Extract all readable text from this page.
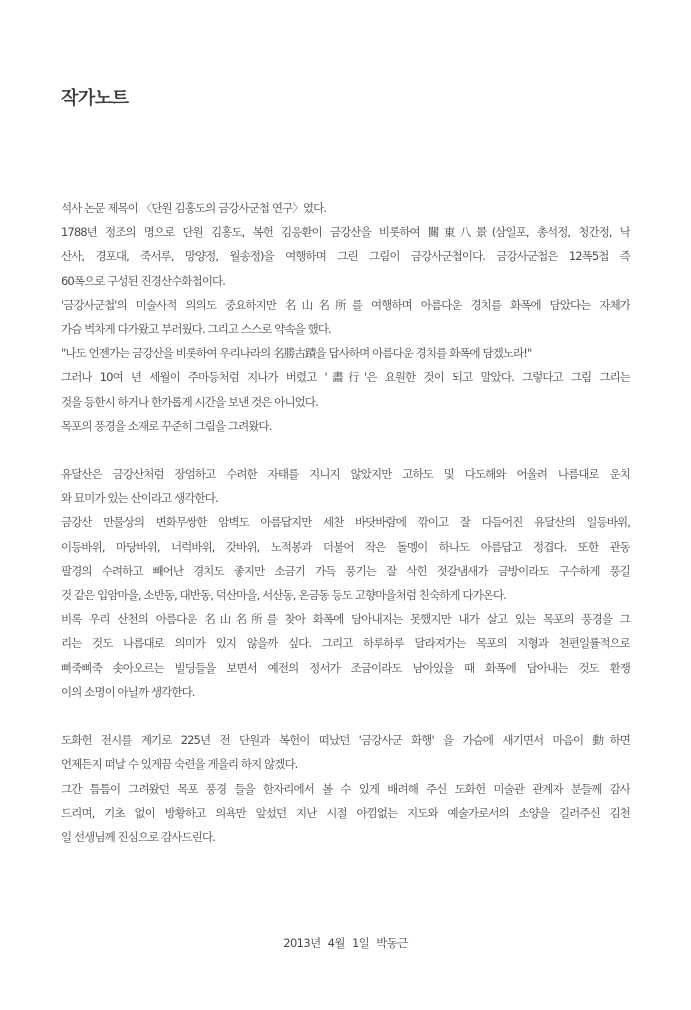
작가노트
석사 논문 제목이 〈단원 김홍도의 금강사군첩 연구〉였다.
1788년 정조의 명으로 단원 김홍도, 복헌 김응환이 금강산을 비롯하여 關東八景(삼일포, 총석정, 청간정, 낙
산사, 경포대, 죽서루, 망양정, 월송정)을 여행하며 그린 그림이 금강사군첩이다. 금강사군첩은 12폭5첩 즉
60폭으로 구성된 진경산수화첩이다.
'금강사군첩'의 미술사적 의의도 중요하지만 名山名所를 여행하며 아름다운 경치를 화폭에 담았다는 자체가
가슴 벅차게 다가왔고 부러웠다. 그리고 스스로 약속을 했다.
"나도 언젠가는 금강산을 비롯하여 우리나라의 名勝古蹟을 답사하며 아름다운 경치를 화폭에 담겠노라!"
그러나 10여 년 세월이 주마등처럼 지나가 버렸고 '畵行'은 요원한 것이 되고 말았다. 그렇다고 그림 그리는
것을 등한시 하거나 한가롭게 시간을 보낸 것은 아니었다.
목포의 풍경을 소재로 꾸준히 그림을 그려왔다.
유달산은 금강산처럼 장엄하고 수려한 자태를 지니지 않았지만 고하도 및 다도해와 어울려 나름대로 운치
와 묘미가 있는 산이라고 생각한다.
금강산 만물상의 변화무쌍한 암벽도 아름답지만 세찬 바닷바람에 깎이고 잘 다듬어진 유달산의 일등바위,
이등바위, 마당바위, 너럭바위, 갓바위, 노적봉과 더불어 작은 돌멩이 하나도 아름답고 정겹다. 또한 관동
팔경의 수려하고 빼어난 경치도 좋지만 소금기 가득 풍기는 잘 삭힌 젓갈냄새가 금방이라도 구수하게 풍길
것 같은 입암마을, 소반동, 대반동, 덕산마을, 서산동, 온금동 등도 고향마을처럼 친숙하게 다가온다.
비록 우리 산천의 아름다운 名山名所를 찾아 화폭에 담아내지는 못했지만 내가 살고 있는 목포의 풍경을 그
리는 것도 나름대로 의미가 있지 않을까 싶다. 그리고 하루하루 달라져가는 목포의 지형과 천편일률적으로
삐죽삐죽 솟아오르는 빌딩들을 보면서 예전의 정서가 조금이라도 남아있을 때 화폭에 담아내는 것도 환쟁
이의 소명이 아닐까 생각한다.
도화헌 전시를 계기로 225년 전 단원과 복헌이 떠났던 '금강사군 화행' 을 가슴에 새기면서 마음이 動하면
언제든지 떠날 수 있게끔 숙련을 게을리 하지 않겠다.
그간 틈틈이 그려왔던 목포 풍경 들을 한자리에서 볼 수 있게 배려해 주신 도화헌 미술관 관계자 분들께 감사
드리며, 기초 없이 방황하고 의욕만 앞섰던 지난 시절 아낌없는 지도와 예술가로서의 소양을 길러주신 김천
일 선생님께 진심으로 감사드린다.

2013년 4월 1일 박동근
